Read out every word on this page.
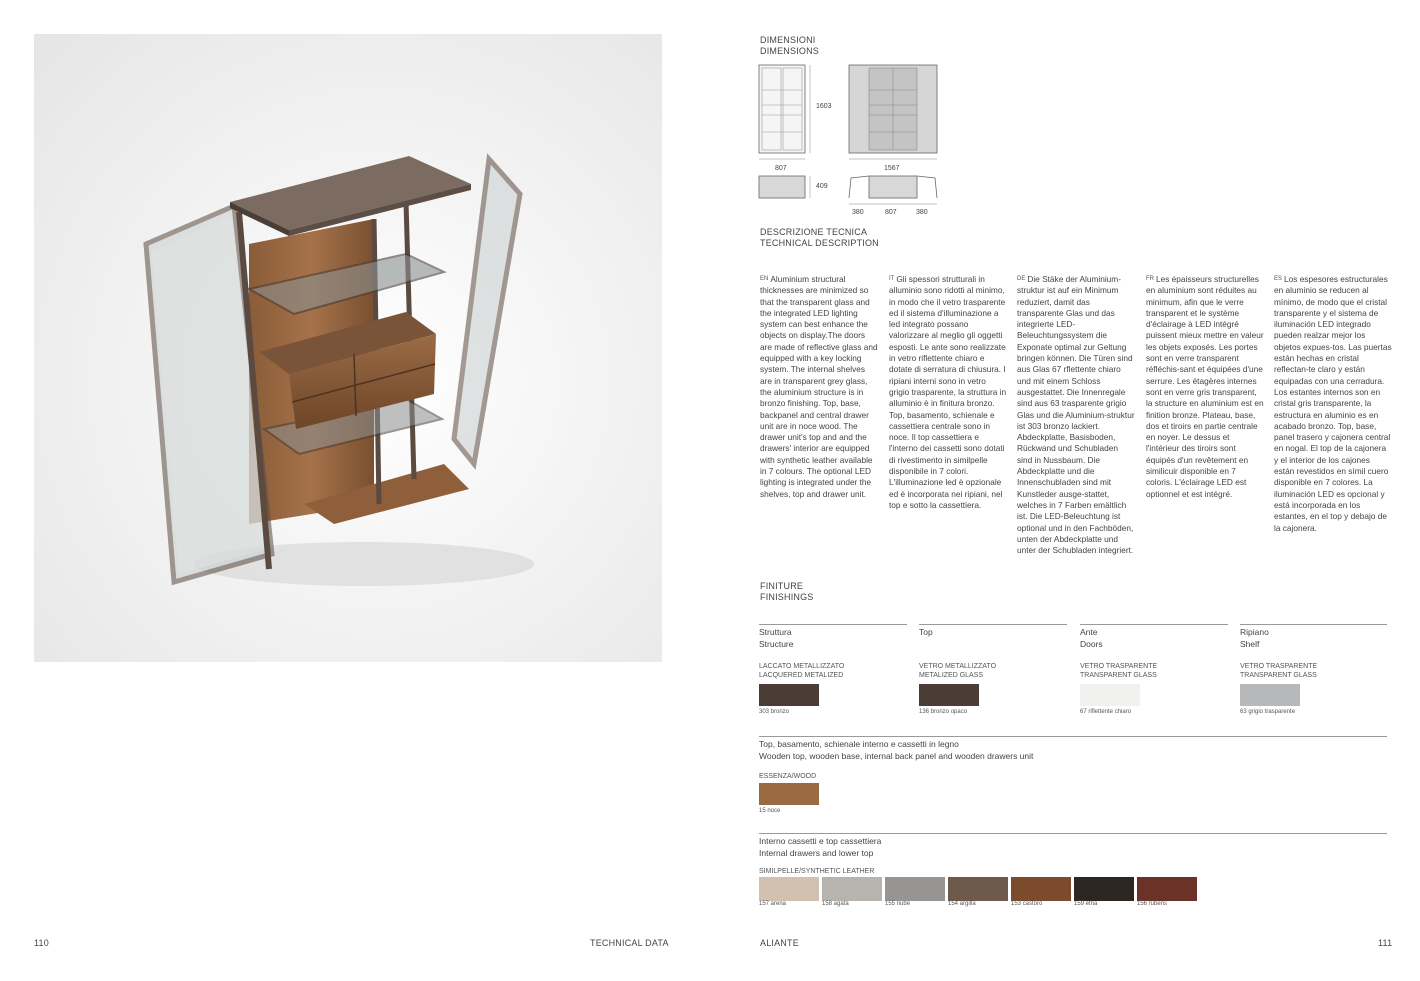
110	TECHNICAL DATA
DIMENSIONI
DIMENSIONS
1603
807	1567
409
380	807	380
DESCRIZIONE TECNICA
TECHNICAL DESCRIPTION
$^{EN}$ Aluminium structural thicknesses are minimized so that the transparent glass and the integrated LED lighting system can best enhance the objects on display.The doors are made of reflective glass and equipped with a key locking system. The internal shelves are in transparent grey glass, the aluminium structure is in bronzo finishing. Top, base, backpanel and central drawer unit are in noce wood. The drawer unit's top and and the drawers' interior are equipped with synthetic leather available in 7 colours. The optional LED lighting is integrated under the shelves, top and drawer unit.
$^{IT}$ Gli spessori strutturali in alluminio sono ridotti al minimo, in modo che il vetro trasparente ed il sistema d'illuminazione a led integrato possano valorizzare al meglio gli oggetti esposti. Le ante sono realizzate in vetro riflettente chiaro e dotate di serratura di chiusura. I ripiani interni sono in vetro grigio trasparente, la struttura in alluminio è in finitura bronzo. Top, basamento, schienale e cassettiera centrale sono in noce. Il top cassettiera e l'interno dei cassetti sono dotati di rivestimento in similpelle disponibile in 7 colori. L'illuminazione led è opzionale ed è incorporata nei ripiani, nel top e sotto la cassettiera.
$^{DE}$ Die Stäke der Aluminium-struktur ist auf ein Minimum reduziert, damit das transparente Glas und das integrierte LED-Beleuchtungssystem die Exponate optimal zur Geltung bringen können. Die Türen sind aus Glas 67 rflettente chiaro und mit einem Schloss ausgestattet. Die Innenregale sind aus 63 trasparente grigio Glas und die Aluminium-struktur ist 303 bronzo lackiert. Abdeckplatte, Basisboden, Rückwand und Schubladen sind in Nussbaum. Die Abdeckplatte und die Innenschubladen sind mit Kunstleder ausge-stattet, welches in 7 Farben emältlich ist. Die LED-Beleuchtung ist optional und in den Fachböden, unten der Abdeckplatte und unter der Schubladen integriert.
$^{FR}$ Les épaisseurs structurelles en aluminium sont réduites au minimum, afin que le verre transparent et le système d'éclairage à LED intégré puissent mieux mettre en valeur les objets exposés. Les portes sont en verre transparent réfléchis-sant et équipées d'une serrure. Les étagères internes sont en verre gris transparent, la structure en aluminium est en finition bronze. Plateau, base, dos et tiroirs en partie centrale en noyer. Le dessus et l'intérieur des tiroirs sont équipés d'un revêtement en similicuir disponible en 7 coloris. L'éclairage LED est optionnel et est intégré.
$^{ES}$ Los espesores estructurales en aluminio se reducen al mínimo, de modo que el cristal transparente y el sistema de iluminación LED integrado pueden realzar mejor los objetos expues-tos. Las puertas están hechas en cristal reflectan-te claro y están equipadas con una cerradura. Los estantes internos son en cristal gris transparente, la estructura en aluminio es en acabado bronzo. Top, base, panel trasero y cajonera central en nogal. El top de la cajonera y el interior de los cajones están revestidos en símil cuero disponible en 7 colores. La iluminación LED es opcional y está incorporada en los estantes, en el top y debajo de la cajonera.
FINITURE
FINISHINGS
Struttura
Structure
LACCATO METALLIZZATO
LACQUERED METALIZED
303 bronzo
Top
VETRO METALLIZZATO
METALIZED GLASS
136 bronzo opaco
Ante
Doors
VETRO TRASPARENTE
TRANSPARENT GLASS
67 riflettente chiaro
Ripiano
Shelf
VETRO TRASPARENTE
TRANSPARENT GLASS
63 grigio trasparente
Top, basamento, schienale interno e cassetti in legno
Wooden top, wooden base, internal back panel and wooden drawers unit
ESSENZA/WOOD
15 noce
Interno cassetti e top cassettiera
Internal drawers and lower top
SIMILPELLE/SYNTHETIC LEATHER
157 arena	158 agata	155 nube	154 argilla	153 castoro	159 etna	156 rubens
ALIANTE	111
